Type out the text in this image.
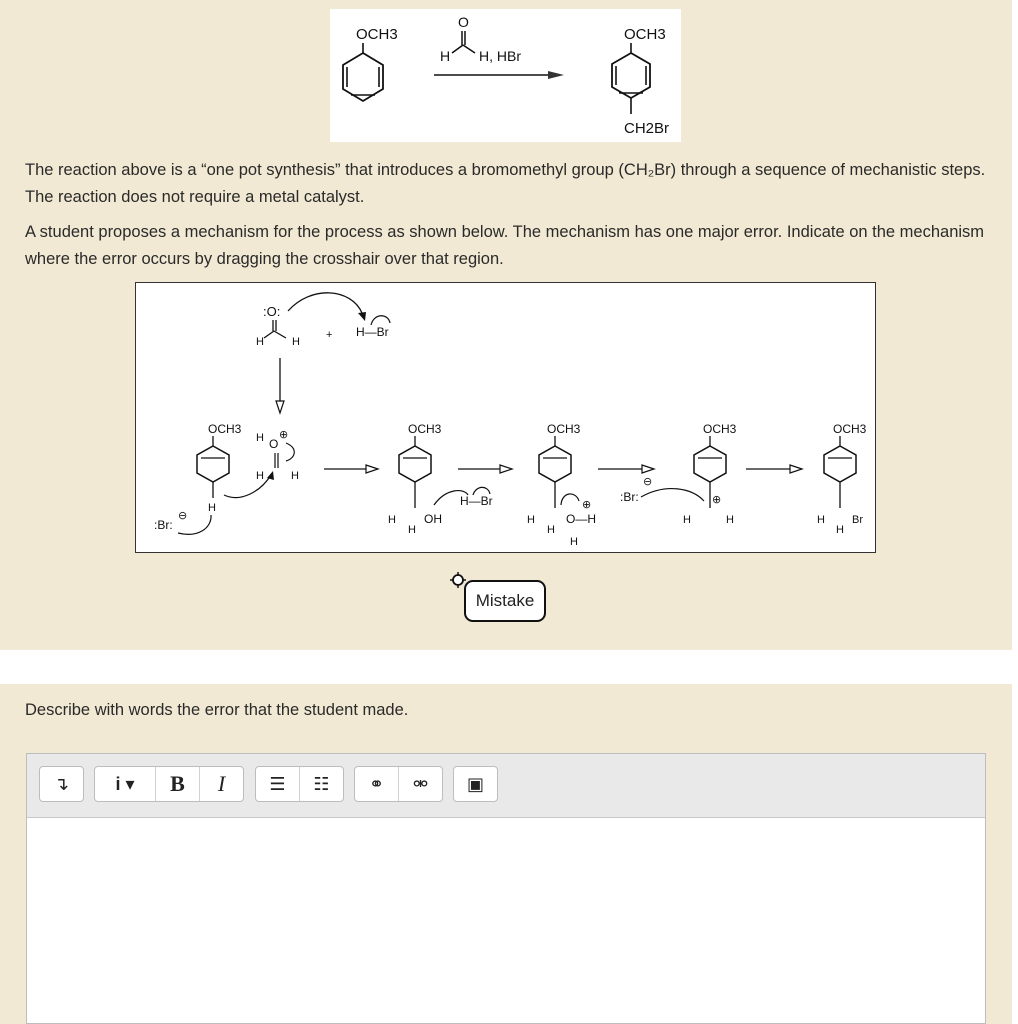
OCH3
O
H H, HBr
OCH3
CH2Br
The reaction above is a “one pot synthesis” that introduces a bromomethyl group (CH₂Br) through a sequence of mechanistic steps. The reaction does not require a metal catalyst.
A student proposes a mechanism for the process as shown below. The mechanism has one major error. Indicate on the mechanism where the error occurs by dragging the crosshair over that region.
:O:
H	H
+ H—Br
OCH3
H
:Br:
⊖
H O
⊕
H H
OCH3
H
H
OH
H—Br
OCH3
H
H
O—H
⊕
H
OCH3
H	H
⊕
:Br:
⊖
OCH3
H
H
Br
Mistake
Describe with words the error that the student made.
↴	i ▾	B	I	☰ ☷ ⚭ ⚮ ▣
